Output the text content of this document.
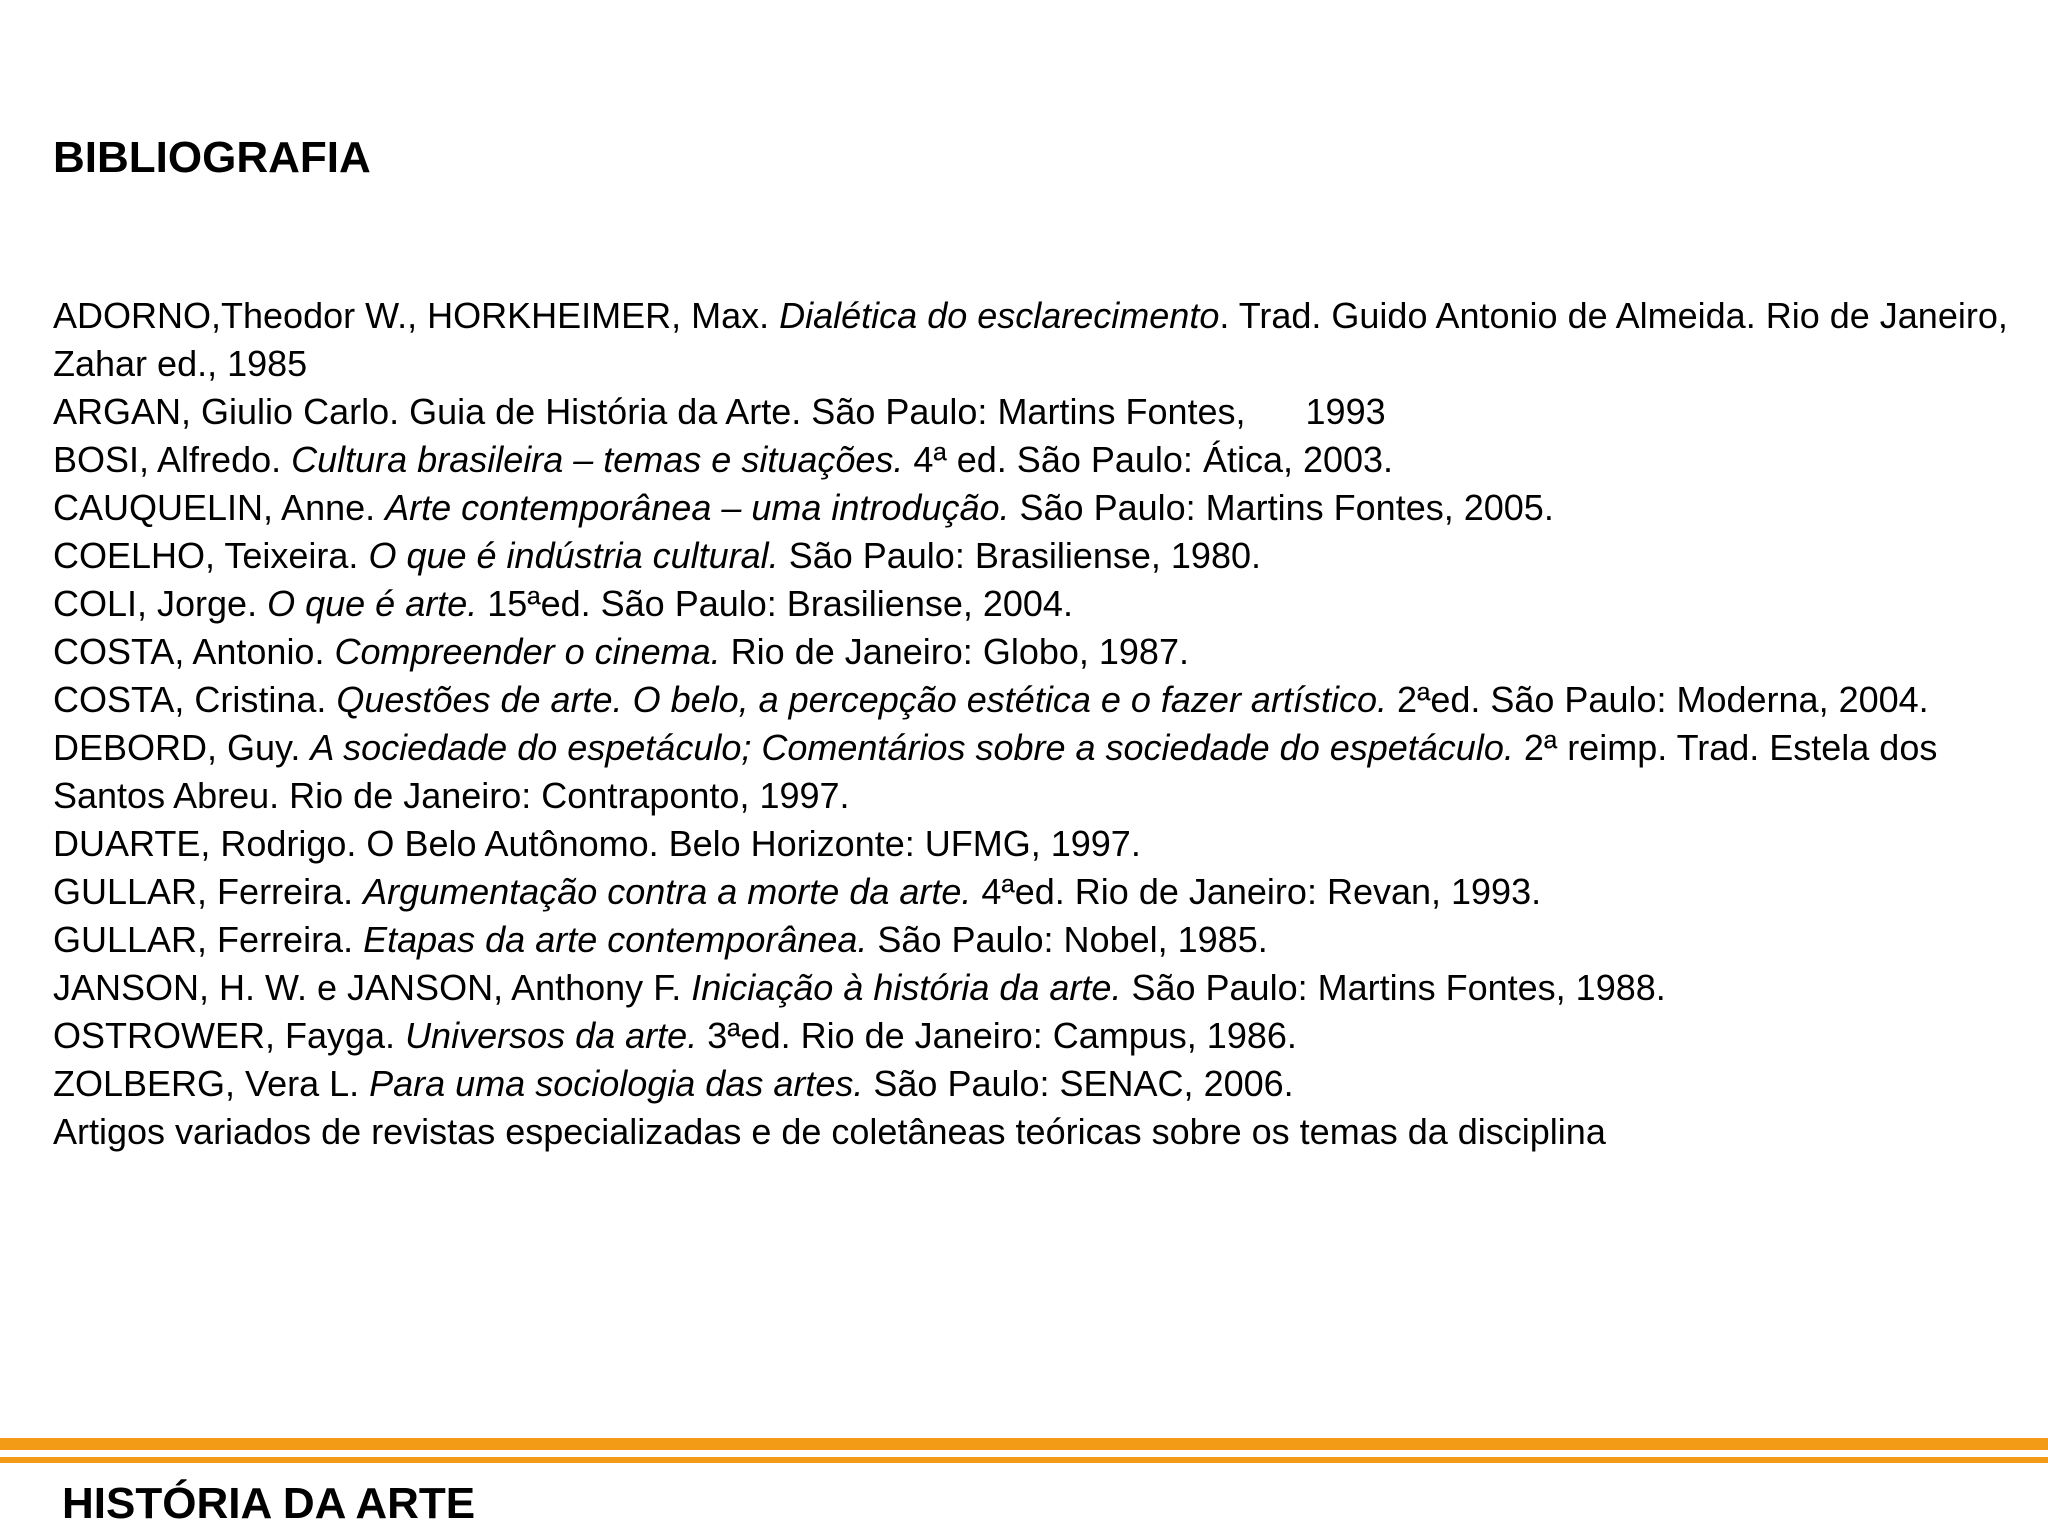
BIBLIOGRAFIA

ADORNO,Theodor W., HORKHEIMER, Max. Dialética do esclarecimento. Trad. Guido Antonio de Almeida. Rio de Janeiro, Zahar ed., 1985

ARGAN, Giulio Carlo. Guia de História da Arte. São Paulo: Martins Fontes, 1993

BOSI, Alfredo. Cultura brasileira – temas e situações. 4ª ed. São Paulo: Ática, 2003.

CAUQUELIN, Anne. Arte contemporânea – uma introdução. São Paulo: Martins Fontes, 2005.

COELHO, Teixeira. O que é indústria cultural. São Paulo: Brasiliense, 1980.

COLI, Jorge. O que é arte. 15ªed. São Paulo: Brasiliense, 2004.

COSTA, Antonio. Compreender o cinema. Rio de Janeiro: Globo, 1987.

COSTA, Cristina. Questões de arte. O belo, a percepção estética e o fazer artístico. 2ªed. São Paulo: Moderna, 2004.

DEBORD, Guy. A sociedade do espetáculo; Comentários sobre a sociedade do espetáculo. 2ª reimp. Trad. Estela dos Santos Abreu. Rio de Janeiro: Contraponto, 1997.

DUARTE, Rodrigo. O Belo Autônomo. Belo Horizonte: UFMG, 1997.

GULLAR, Ferreira. Argumentação contra a morte da arte. 4ªed. Rio de Janeiro: Revan, 1993.

GULLAR, Ferreira. Etapas da arte contemporânea. São Paulo: Nobel, 1985.

JANSON, H. W. e JANSON, Anthony F. Iniciação à história da arte. São Paulo: Martins Fontes, 1988.

OSTROWER, Fayga. Universos da arte. 3ªed. Rio de Janeiro: Campus, 1986.

ZOLBERG, Vera L. Para uma sociologia das artes. São Paulo: SENAC, 2006.

Artigos variados de revistas especializadas e de coletâneas teóricas sobre os temas da disciplina

HISTÓRIA DA ARTE
